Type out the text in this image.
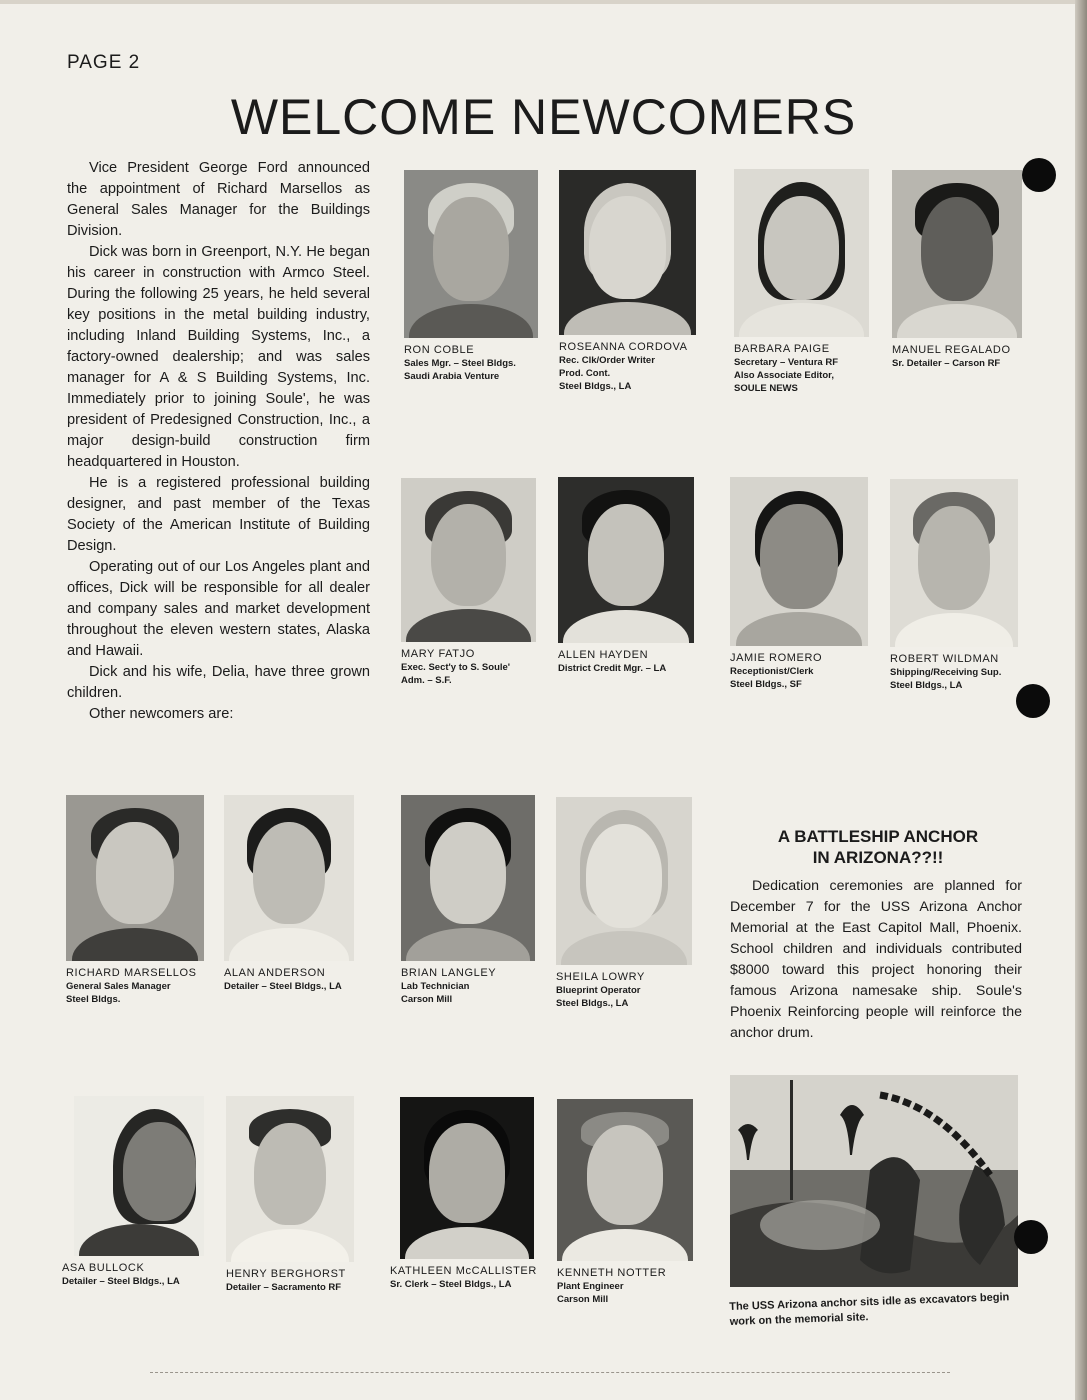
PAGE 2
WELCOME NEWCOMERS

Vice President George Ford announced the appointment of Richard Marsellos as General Sales Manager for the Buildings Division.

Dick was born in Greenport, N.Y. He began his career in construction with Armco Steel. During the following 25 years, he held several key positions in the metal building industry, including Inland Building Systems, Inc., a factory-owned dealership; and was sales manager for A & S Building Systems, Inc. Immediately prior to joining Soule', he was president of Predesigned Construction, Inc., a major design-build construction firm headquartered in Houston.

He is a registered professional building designer, and past member of the Texas Society of the American Institute of Building Design.

Operating out of our Los Angeles plant and offices, Dick will be responsible for all dealer and company sales and market development throughout the eleven western states, Alaska and Hawaii.

Dick and his wife, Delia, have three grown children.

Other newcomers are:

RON COBLE
Sales Mgr. – Steel Bldgs.
Saudi Arabia Venture
ROSEANNA CORDOVA
Rec. Clk/Order Writer
Prod. Cont.
Steel Bldgs., LA
BARBARA PAIGE
Secretary – Ventura RF
Also Associate Editor,
SOULE NEWS
MANUEL REGALADO
Sr. Detailer – Carson RF
MARY FATJO
Exec. Sect'y to S. Soule'
Adm. – S.F.
ALLEN HAYDEN
District Credit Mgr. – LA
JAMIE ROMERO
Receptionist/Clerk
Steel Bldgs., SF
ROBERT WILDMAN
Shipping/Receiving Sup.
Steel Bldgs., LA
RICHARD MARSELLOS
General Sales Manager
Steel Bldgs.
ALAN ANDERSON
Detailer – Steel Bldgs., LA
BRIAN LANGLEY
Lab Technician
Carson Mill
SHEILA LOWRY
Blueprint Operator
Steel Bldgs., LA
ASA BULLOCK
Detailer – Steel Bldgs., LA
HENRY BERGHORST
Detailer – Sacramento RF
KATHLEEN McCALLISTER
Sr. Clerk – Steel Bldgs., LA
KENNETH NOTTER
Plant Engineer
Carson Mill
A BATTLESHIP ANCHOR
IN ARIZONA??!!

Dedication ceremonies are planned for December 7 for the USS Arizona Anchor Memorial at the East Capitol Mall, Phoenix. School children and individuals contributed $8000 toward this project honoring their famous Arizona namesake ship. Soule's Phoenix Reinforcing people will reinforce the anchor drum.

The USS Arizona anchor sits idle as excavators begin work on the memorial site.
